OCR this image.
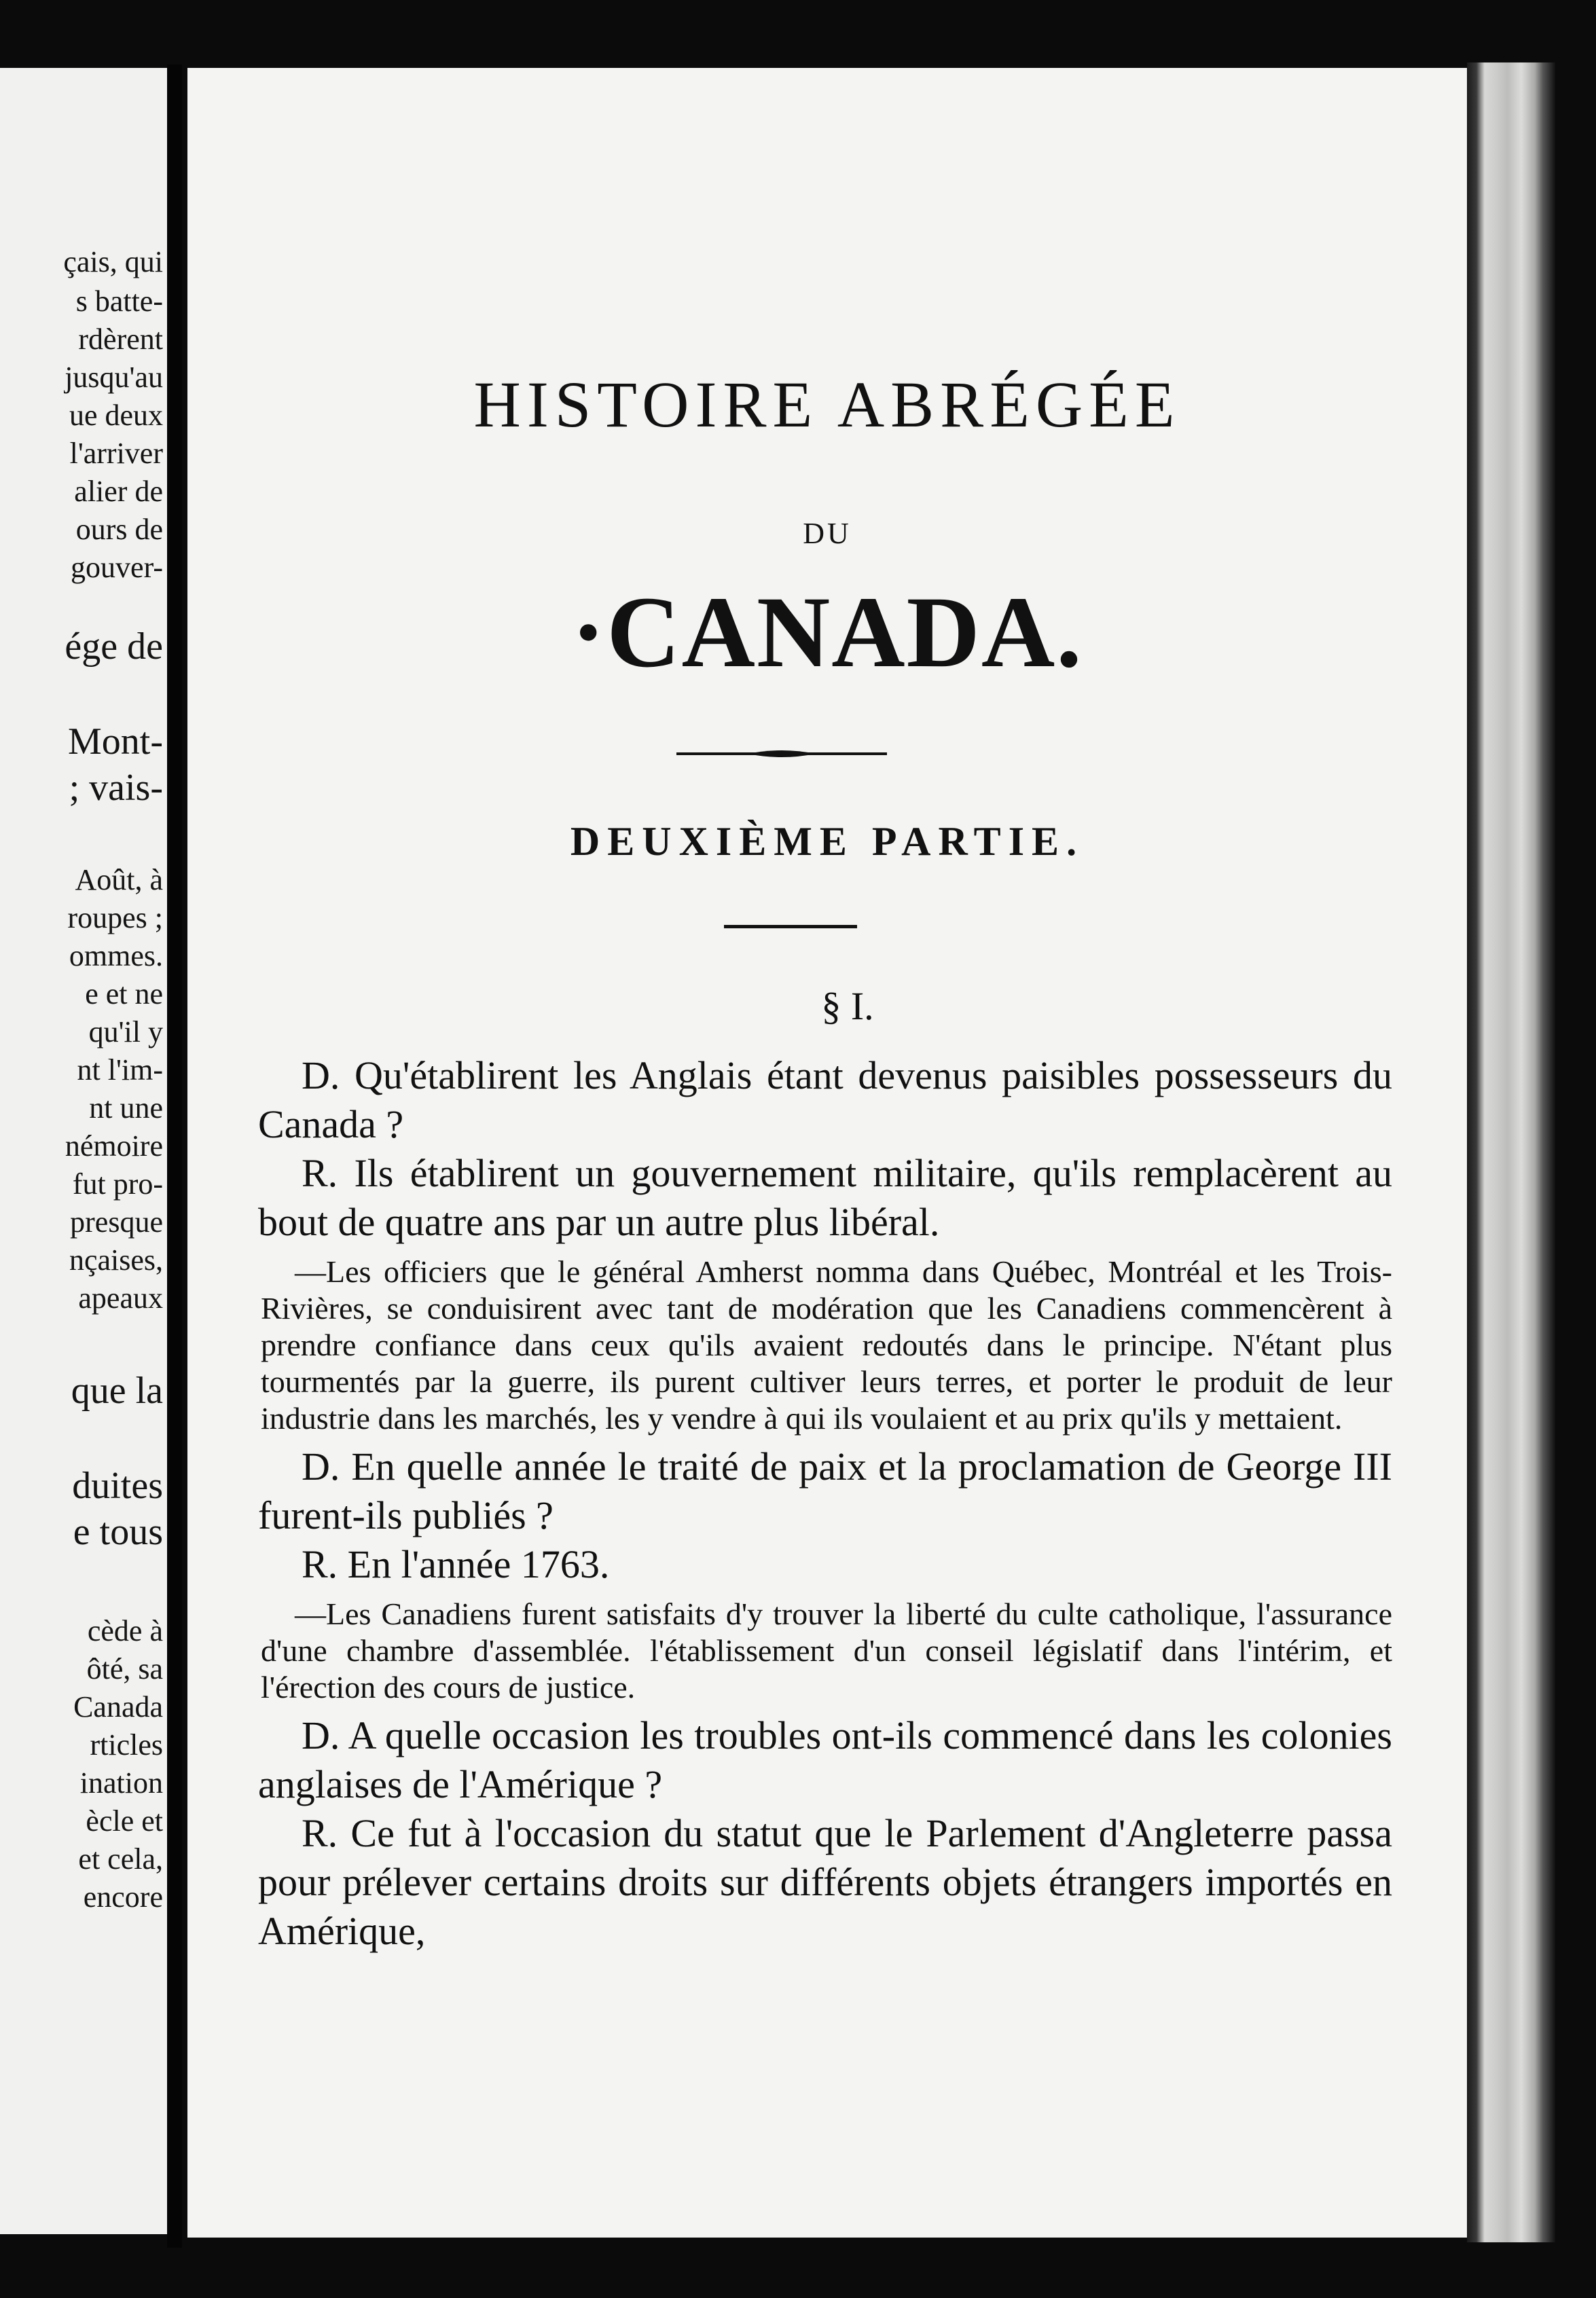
çais, qui
s batte-
rdèrent
jusqu'au
ue deux
l'arriver
alier de
ours de
gouver-
ége de
Mont-
; vais-
Août, à
roupes ;
ommes.
e et ne
qu'il y
nt l'im-
nt une
némoire
fut pro-
presque
nçaises,
apeaux
que la
duites
e tous
cède à
ôté, sa
Canada
rticles
ination
ècle et
et cela,
encore
HISTOIRE ABRÉGÉE
DU
·CANADA.
DEUXIÈME PARTIE.
§ I.

D. Qu'établirent les Anglais étant devenus paisibles possesseurs du Canada ?

R. Ils établirent un gouvernement militaire, qu'ils remplacèrent au bout de quatre ans par un autre plus libéral.

—Les officiers que le général Amherst nomma dans Québec, Montréal et les Trois-Rivières, se conduisirent avec tant de modération que les Canadiens commencèrent à prendre confiance dans ceux qu'ils avaient redoutés dans le principe. N'étant plus tourmentés par la guerre, ils purent cultiver leurs terres, et porter le produit de leur industrie dans les marchés, les y vendre à qui ils voulaient et au prix qu'ils y mettaient.

D. En quelle année le traité de paix et la proclamation de George III furent-ils publiés ?

R. En l'année 1763.

—Les Canadiens furent satisfaits d'y trouver la liberté du culte catholique, l'assurance d'une chambre d'assemblée. l'établissement d'un conseil législatif dans l'intérim, et l'érection des cours de justice.

D. A quelle occasion les troubles ont-ils commencé dans les colonies anglaises de l'Amérique ?

R. Ce fut à l'occasion du statut que le Parlement d'Angleterre passa pour prélever certains droits sur différents objets étrangers importés en Amérique,
